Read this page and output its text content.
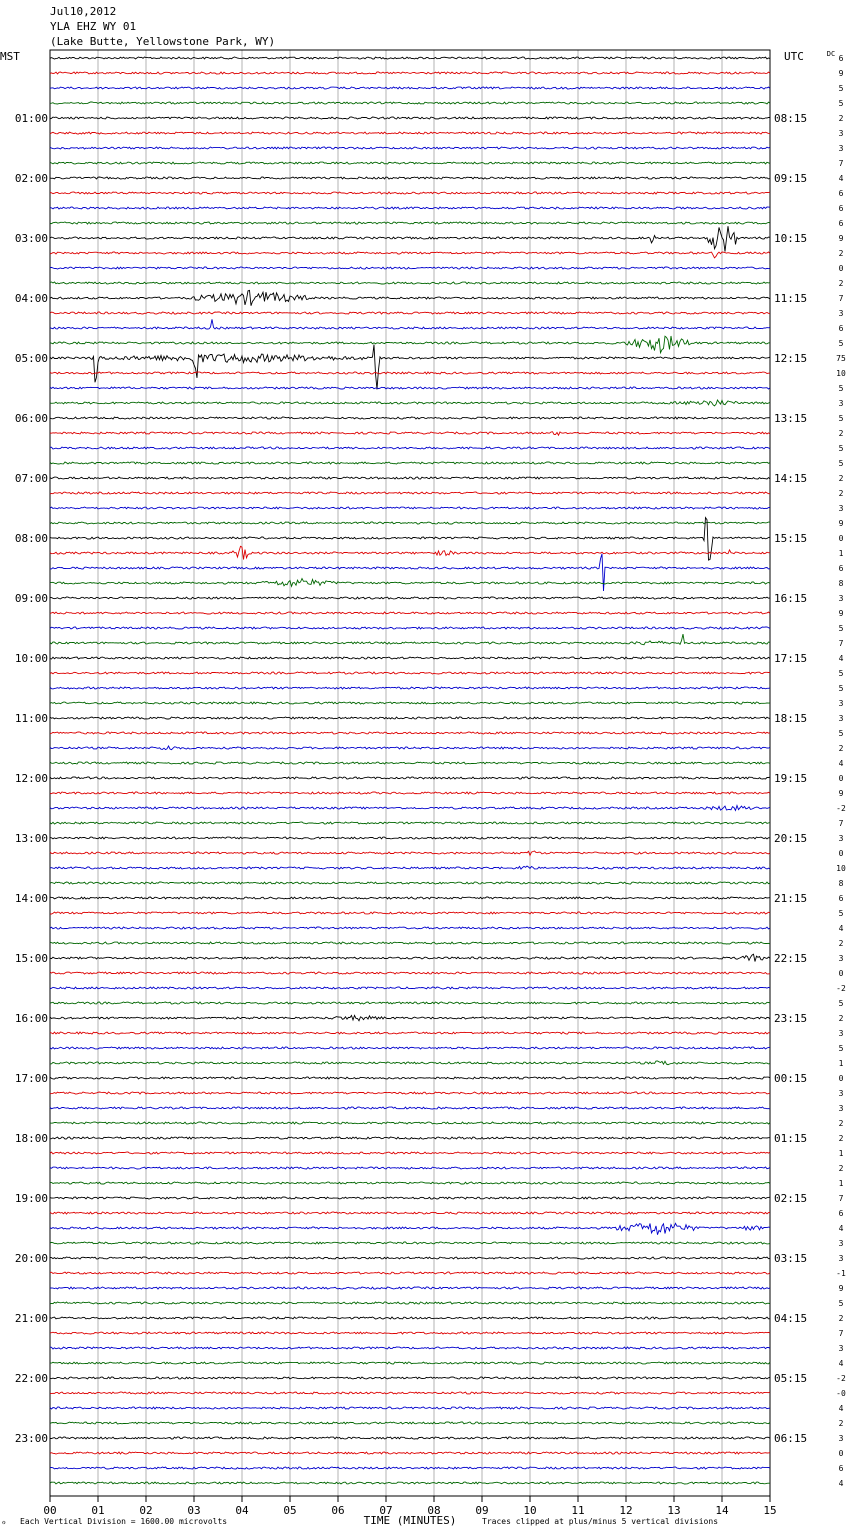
Jul10,2012
YLA EHZ WY 01
(Lake Butte, Yellowstone Park, WY)
6
9
5
5
2
3
3
7
4
6
6
6
9
2
0
2
7
3
6
5
75
10
5
3
5
2
5
5
2
2
3
9
0
1
6
8
3
9
5
7
4
5
5
3
3
5
2
4
0
9
-2
7
3
0
10
8
6
5
4
2
3
0
-2
5
2
3
5
1
0
3
3
2
2
1
2
1
7
6
4
3
3
-1
9
5
2
7
3
4
-2
-0
4
2
3
0
6
4
MST	UTC	DC
01:00	08:15
02:00	09:15
03:00	10:15
04:00	11:15
05:00	12:15
06:00	13:15
07:00	14:15
08:00	15:15
09:00	16:15
10:00	17:15
11:00	18:15
12:00	19:15
13:00	20:15
14:00	21:15
15:00	22:15
16:00	23:15
17:00	00:15
18:00	01:15
19:00	02:15
20:00	03:15
21:00	04:15
22:00	05:15
23:00	06:15
00	01	02	03	04	05	06	07	08	09	10	11	12	13	14	15
TIME (MINUTES)
Each Vertical Division = 1600.00 microvolts	Traces clipped at plus/minus 5 vertical divisions
ℴ
